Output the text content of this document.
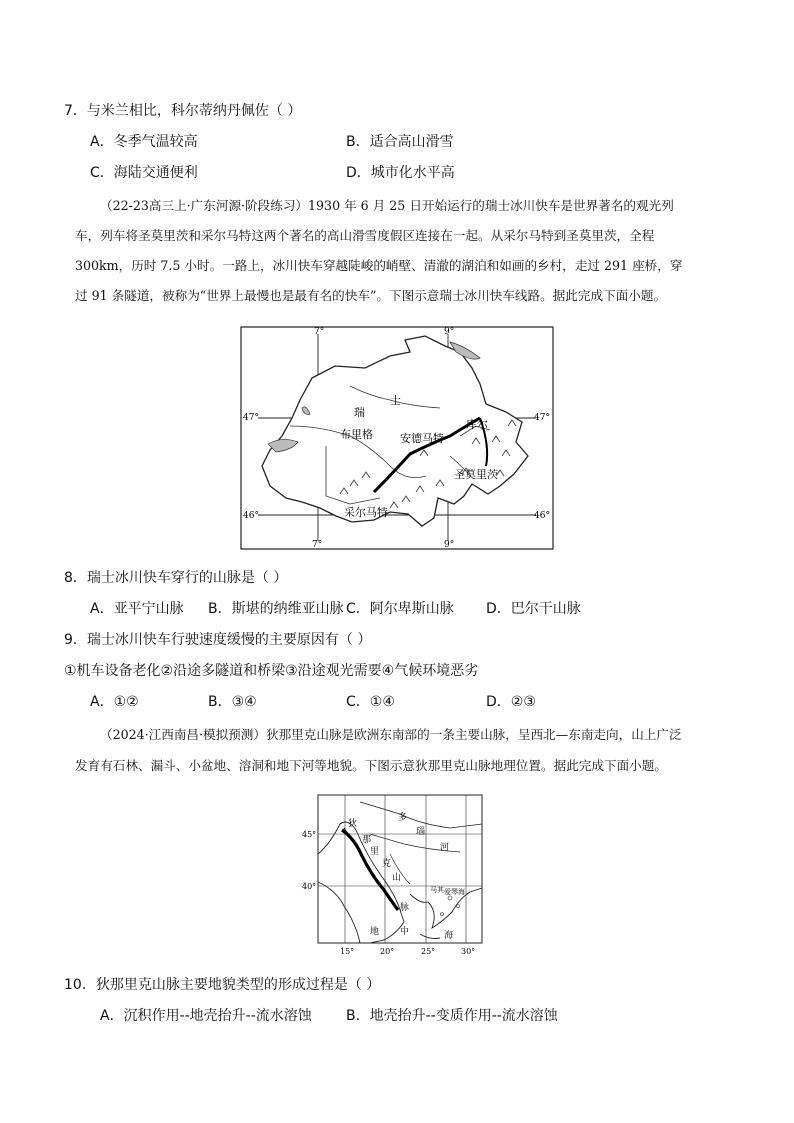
7．与米兰相比，科尔蒂纳丹佩佐（ ）
A．冬季气温较高	B．适合高山滑雪
C．海陆交通便利	D．城市化水平高
（22-23高三上·广东河源·阶段练习）1930 年 6 月 25 日开始运行的瑞士冰川快车是世界著名的观光列
车，列车将圣莫里茨和采尔马特这两个著名的高山滑雪度假区连接在一起。从采尔马特到圣莫里茨，全程
300km，历时 7.5 小时。一路上，冰川快车穿越陡峻的峭壁、清澈的湖泊和如画的乡村，走过 291 座桥，穿
过 91 条隧道，被称为“世界上最慢也是最有名的快车”。下图示意瑞士冰川快车线路。据此完成下面小题。
7°	9°
7°	9°
47°	47°
46°	46°
士
瑞
安德马特
库尔
布里格
圣莫里茨
采尔马特
8．瑞士冰川快车穿行的山脉是（ ）
A．亚平宁山脉 B．斯堪的纳维亚山脉 C．阿尔卑斯山脉 D．巴尔干山脉
9．瑞士冰川快车行驶速度缓慢的主要原因有（ ）
①机车设备老化②沿途多隧道和桥梁③沿途观光需要④气候环境恶劣
A．①②	B．③④	C．①④	D．②③
（2024·江西南昌·模拟预测）狄那里克山脉是欧洲东南部的一条主要山脉，呈西北—东南走向，山上广泛
发育有石林、漏斗、小盆地、溶洞和地下河等地貌。下图示意狄那里克山脉地理位置。据此完成下面小题。
45°
40°
15°	20°	25°	30°
多
瑙
河
狄
那
里
克
山
脉
马其 爱琴海
地 中	海
10．狄那里克山脉主要地貌类型的形成过程是（ ）
A．沉积作用--地壳抬升--流水溶蚀 B．地壳抬升--变质作用--流水溶蚀
